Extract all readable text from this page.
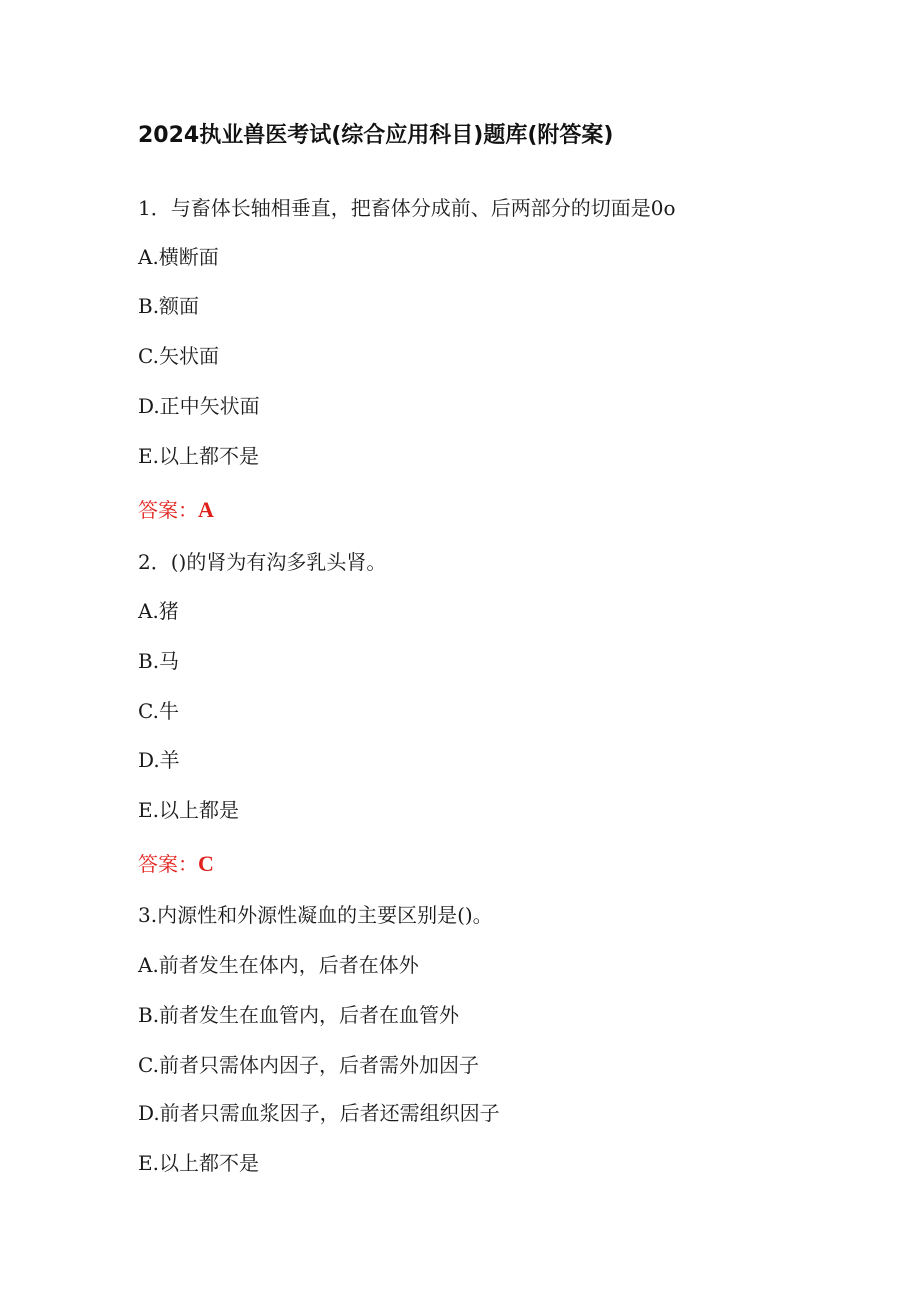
2024执业兽医考试(综合应用科目)题库(附答案)
1．与畜体长轴相垂直，把畜体分成前、后两部分的切面是0o
A.横断面
B.额面
C.矢状面
D.正中矢状面
E.以上都不是
答案：A
2．()的肾为有沟多乳头肾。
A.猪
B.马
C.牛
D.羊
E.以上都是
答案：C
3.内源性和外源性凝血的主要区别是()。
A.前者发生在体内，后者在体外
B.前者发生在血管内，后者在血管外
C.前者只需体内因子，后者需外加因子
D.前者只需血浆因子，后者还需组织因子
E.以上都不是
